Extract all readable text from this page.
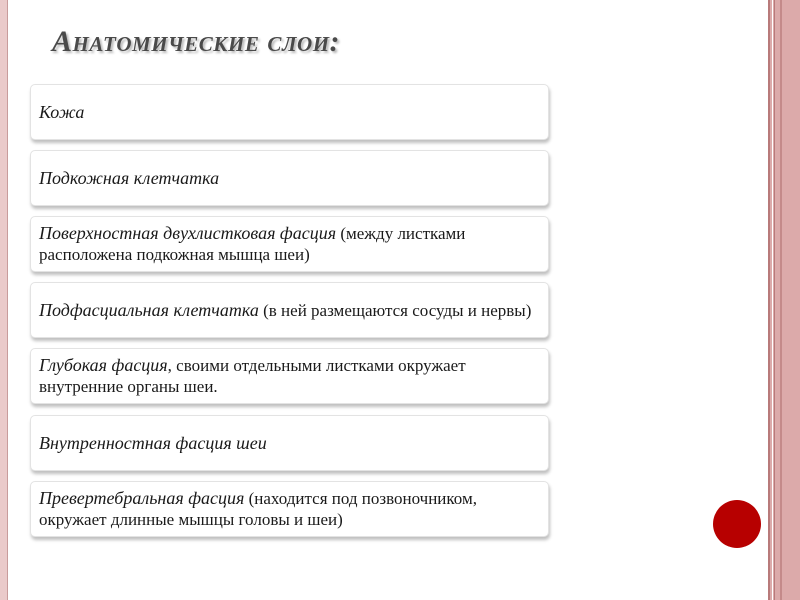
Анатомические слои:
Кожа
Подкожная клетчатка
Поверхностная двухлистковая фасция (между листками расположена подкожная мышца шеи)
Подфасциальная клетчатка (в ней размещаются сосуды и нервы)
Глубокая фасция, своими отдельными листками окружает внутренние органы шеи.
Внутренностная фасция шеи
Превертебральная фасция (находится под позвоночником, окружает длинные мышцы головы и шеи)
